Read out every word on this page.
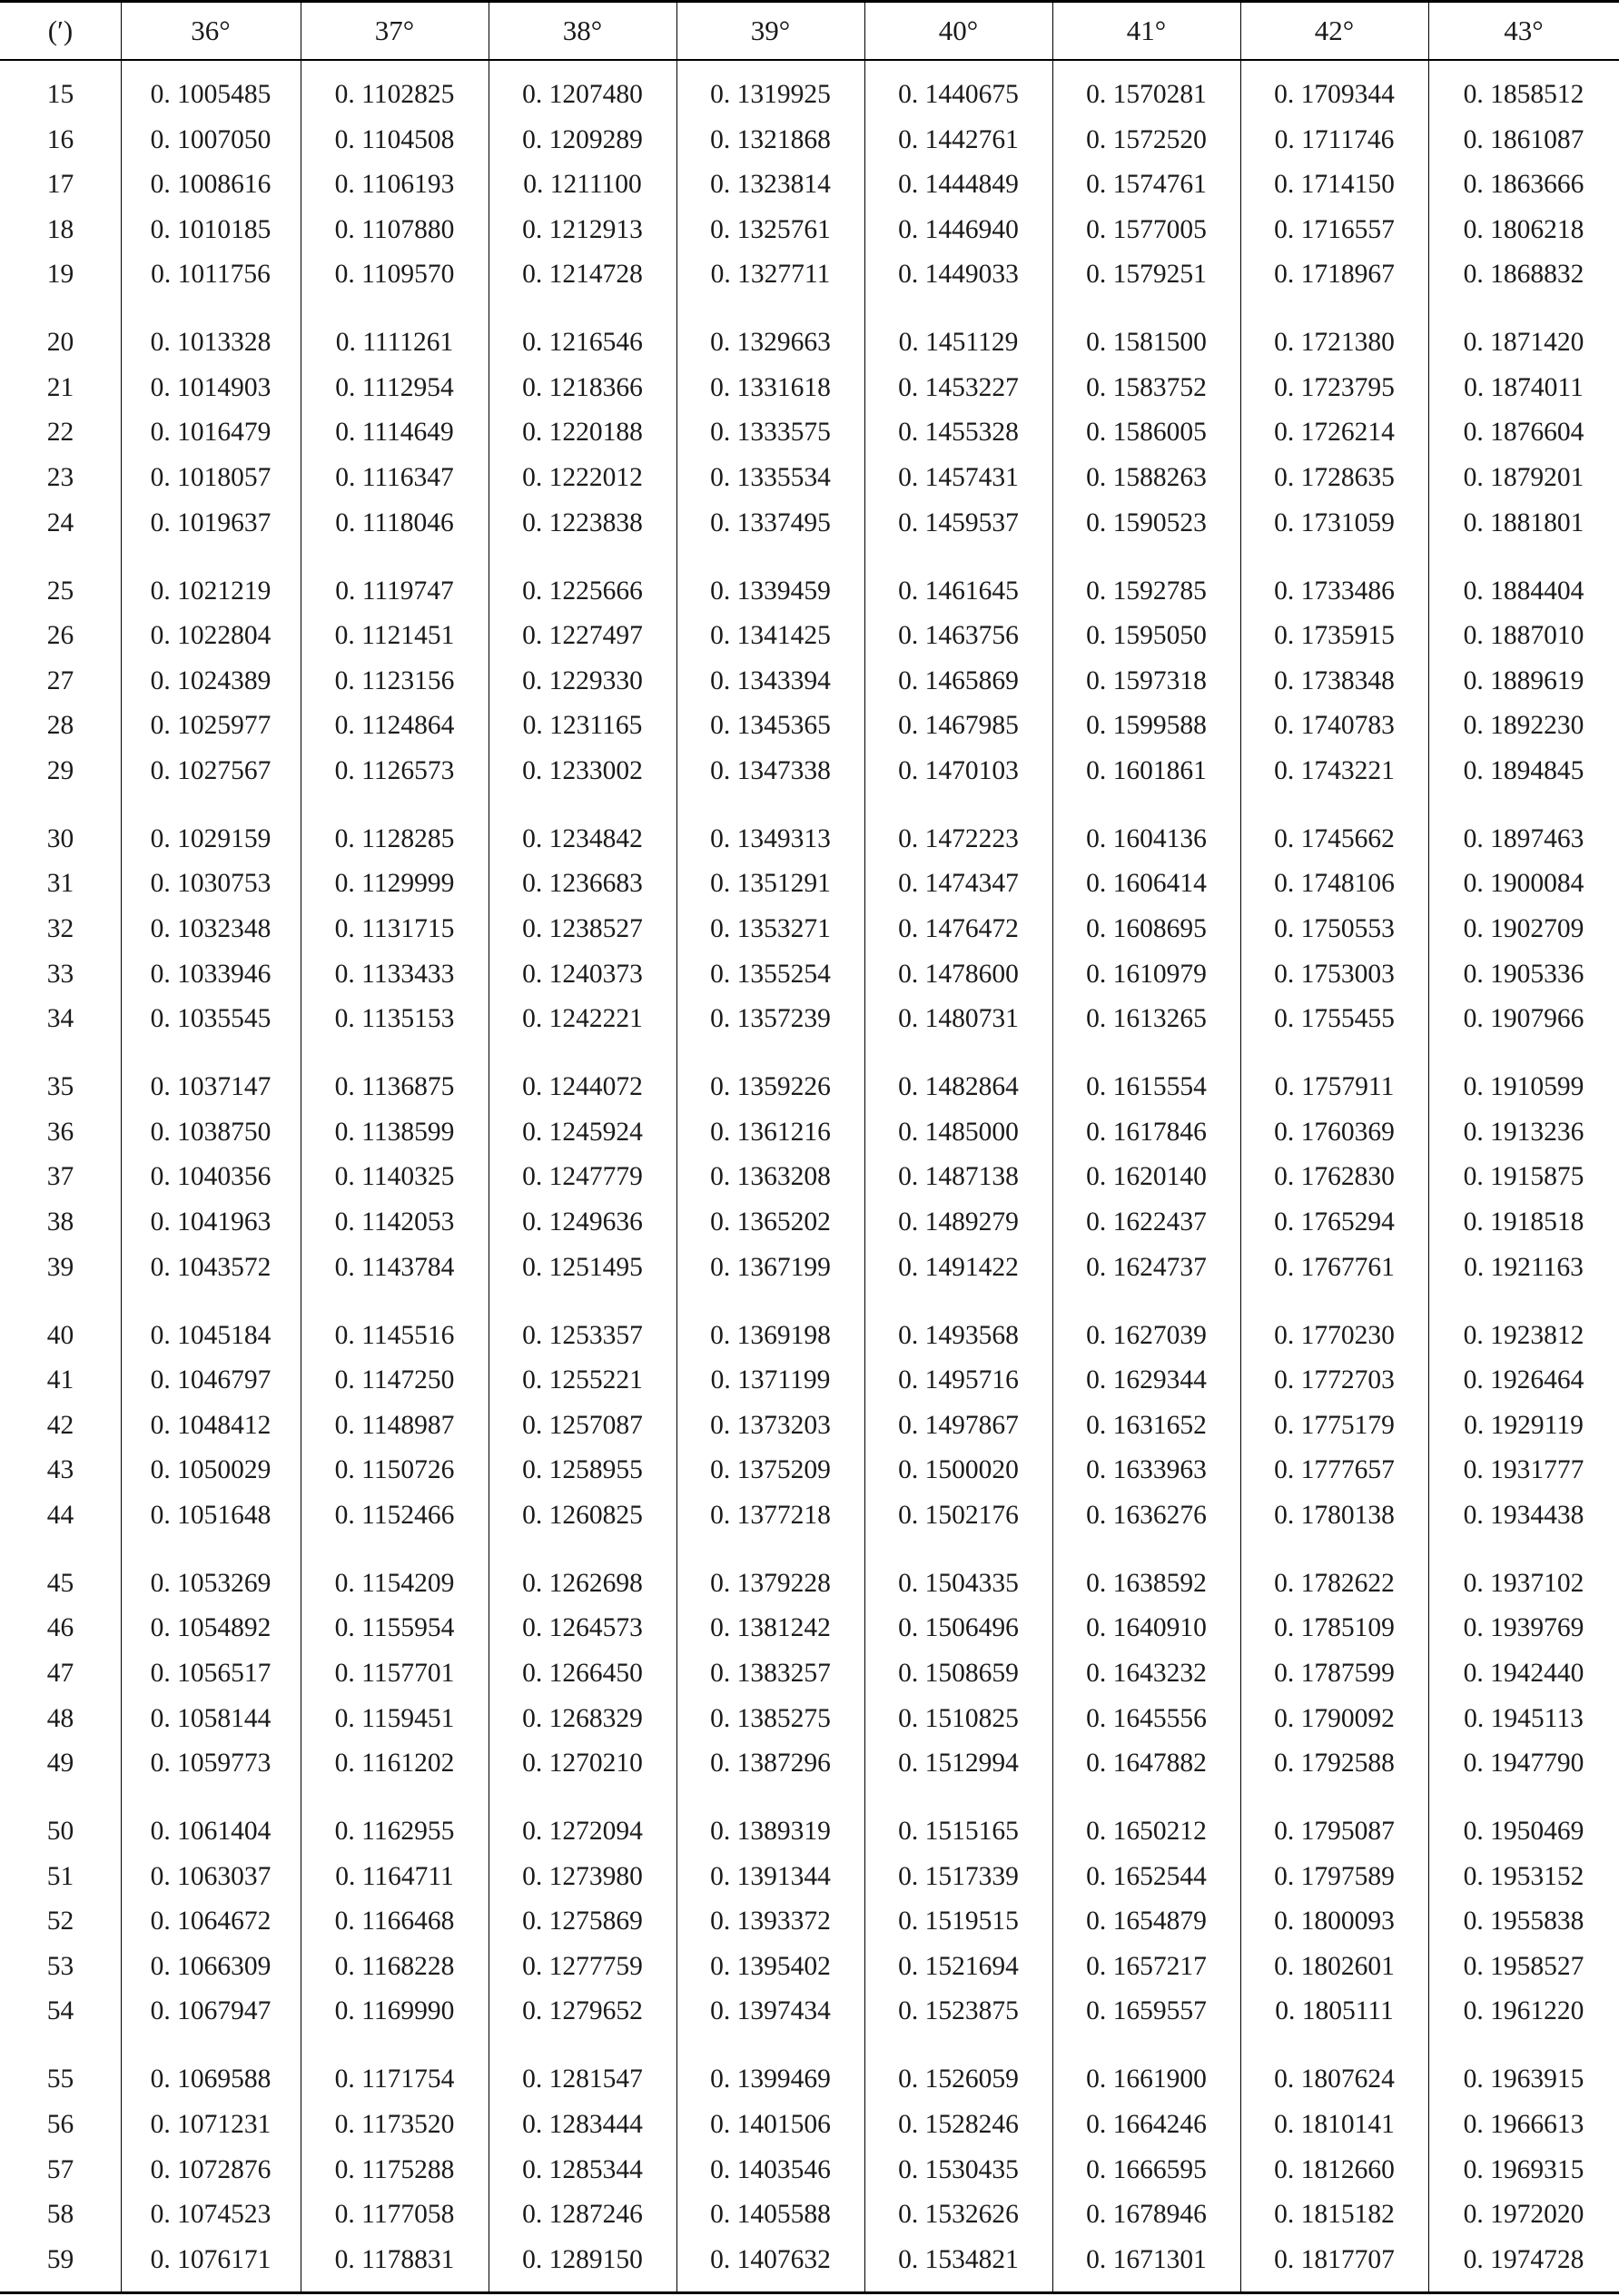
(′)	36°	37°	38°	39°	40°	41°	42°	43°
15	0. 1005485	0. 1102825	0. 1207480	0. 1319925	0. 1440675	0. 1570281	0. 1709344	0. 1858512
16	0. 1007050	0. 1104508	0. 1209289	0. 1321868	0. 1442761	0. 1572520	0. 1711746	0. 1861087
17	0. 1008616	0. 1106193	0. 1211100	0. 1323814	0. 1444849	0. 1574761	0. 1714150	0. 1863666
18	0. 1010185	0. 1107880	0. 1212913	0. 1325761	0. 1446940	0. 1577005	0. 1716557	0. 1806218
19	0. 1011756	0. 1109570	0. 1214728	0. 1327711	0. 1449033	0. 1579251	0. 1718967	0. 1868832
20	0. 1013328	0. 1111261	0. 1216546	0. 1329663	0. 1451129	0. 1581500	0. 1721380	0. 1871420
21	0. 1014903	0. 1112954	0. 1218366	0. 1331618	0. 1453227	0. 1583752	0. 1723795	0. 1874011
22	0. 1016479	0. 1114649	0. 1220188	0. 1333575	0. 1455328	0. 1586005	0. 1726214	0. 1876604
23	0. 1018057	0. 1116347	0. 1222012	0. 1335534	0. 1457431	0. 1588263	0. 1728635	0. 1879201
24	0. 1019637	0. 1118046	0. 1223838	0. 1337495	0. 1459537	0. 1590523	0. 1731059	0. 1881801
25	0. 1021219	0. 1119747	0. 1225666	0. 1339459	0. 1461645	0. 1592785	0. 1733486	0. 1884404
26	0. 1022804	0. 1121451	0. 1227497	0. 1341425	0. 1463756	0. 1595050	0. 1735915	0. 1887010
27	0. 1024389	0. 1123156	0. 1229330	0. 1343394	0. 1465869	0. 1597318	0. 1738348	0. 1889619
28	0. 1025977	0. 1124864	0. 1231165	0. 1345365	0. 1467985	0. 1599588	0. 1740783	0. 1892230
29	0. 1027567	0. 1126573	0. 1233002	0. 1347338	0. 1470103	0. 1601861	0. 1743221	0. 1894845
30	0. 1029159	0. 1128285	0. 1234842	0. 1349313	0. 1472223	0. 1604136	0. 1745662	0. 1897463
31	0. 1030753	0. 1129999	0. 1236683	0. 1351291	0. 1474347	0. 1606414	0. 1748106	0. 1900084
32	0. 1032348	0. 1131715	0. 1238527	0. 1353271	0. 1476472	0. 1608695	0. 1750553	0. 1902709
33	0. 1033946	0. 1133433	0. 1240373	0. 1355254	0. 1478600	0. 1610979	0. 1753003	0. 1905336
34	0. 1035545	0. 1135153	0. 1242221	0. 1357239	0. 1480731	0. 1613265	0. 1755455	0. 1907966
35	0. 1037147	0. 1136875	0. 1244072	0. 1359226	0. 1482864	0. 1615554	0. 1757911	0. 1910599
36	0. 1038750	0. 1138599	0. 1245924	0. 1361216	0. 1485000	0. 1617846	0. 1760369	0. 1913236
37	0. 1040356	0. 1140325	0. 1247779	0. 1363208	0. 1487138	0. 1620140	0. 1762830	0. 1915875
38	0. 1041963	0. 1142053	0. 1249636	0. 1365202	0. 1489279	0. 1622437	0. 1765294	0. 1918518
39	0. 1043572	0. 1143784	0. 1251495	0. 1367199	0. 1491422	0. 1624737	0. 1767761	0. 1921163
40	0. 1045184	0. 1145516	0. 1253357	0. 1369198	0. 1493568	0. 1627039	0. 1770230	0. 1923812
41	0. 1046797	0. 1147250	0. 1255221	0. 1371199	0. 1495716	0. 1629344	0. 1772703	0. 1926464
42	0. 1048412	0. 1148987	0. 1257087	0. 1373203	0. 1497867	0. 1631652	0. 1775179	0. 1929119
43	0. 1050029	0. 1150726	0. 1258955	0. 1375209	0. 1500020	0. 1633963	0. 1777657	0. 1931777
44	0. 1051648	0. 1152466	0. 1260825	0. 1377218	0. 1502176	0. 1636276	0. 1780138	0. 1934438
45	0. 1053269	0. 1154209	0. 1262698	0. 1379228	0. 1504335	0. 1638592	0. 1782622	0. 1937102
46	0. 1054892	0. 1155954	0. 1264573	0. 1381242	0. 1506496	0. 1640910	0. 1785109	0. 1939769
47	0. 1056517	0. 1157701	0. 1266450	0. 1383257	0. 1508659	0. 1643232	0. 1787599	0. 1942440
48	0. 1058144	0. 1159451	0. 1268329	0. 1385275	0. 1510825	0. 1645556	0. 1790092	0. 1945113
49	0. 1059773	0. 1161202	0. 1270210	0. 1387296	0. 1512994	0. 1647882	0. 1792588	0. 1947790
50	0. 1061404	0. 1162955	0. 1272094	0. 1389319	0. 1515165	0. 1650212	0. 1795087	0. 1950469
51	0. 1063037	0. 1164711	0. 1273980	0. 1391344	0. 1517339	0. 1652544	0. 1797589	0. 1953152
52	0. 1064672	0. 1166468	0. 1275869	0. 1393372	0. 1519515	0. 1654879	0. 1800093	0. 1955838
53	0. 1066309	0. 1168228	0. 1277759	0. 1395402	0. 1521694	0. 1657217	0. 1802601	0. 1958527
54	0. 1067947	0. 1169990	0. 1279652	0. 1397434	0. 1523875	0. 1659557	0. 1805111	0. 1961220
55	0. 1069588	0. 1171754	0. 1281547	0. 1399469	0. 1526059	0. 1661900	0. 1807624	0. 1963915
56	0. 1071231	0. 1173520	0. 1283444	0. 1401506	0. 1528246	0. 1664246	0. 1810141	0. 1966613
57	0. 1072876	0. 1175288	0. 1285344	0. 1403546	0. 1530435	0. 1666595	0. 1812660	0. 1969315
58	0. 1074523	0. 1177058	0. 1287246	0. 1405588	0. 1532626	0. 1678946	0. 1815182	0. 1972020
59	0. 1076171	0. 1178831	0. 1289150	0. 1407632	0. 1534821	0. 1671301	0. 1817707	0. 1974728
